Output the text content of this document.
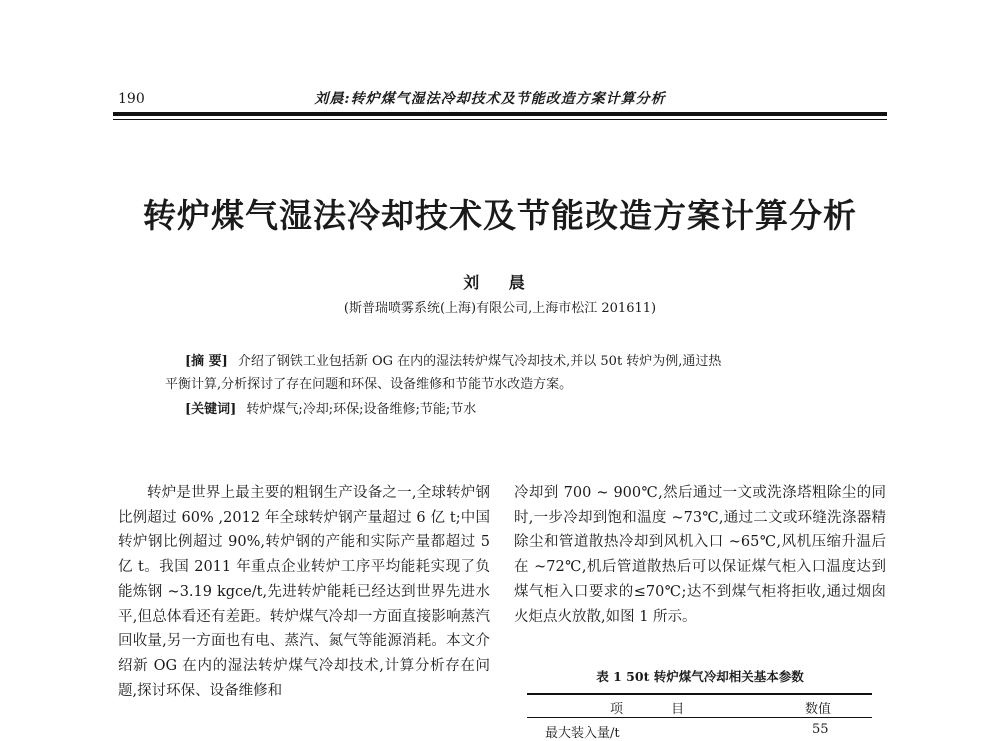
190	刘晨:转炉煤气湿法冷却技术及节能改造方案计算分析
转炉煤气湿法冷却技术及节能改造方案计算分析
刘 晨
(斯普瑞喷雾系统(上海)有限公司,上海市松江 201611)
[摘 要] 介绍了钢铁工业包括新 OG 在内的湿法转炉煤气冷却技术,并以 50t 转炉为例,通过热
平衡计算,分析探讨了存在问题和环保、设备维修和节能节水改造方案。
[关键词] 转炉煤气;冷却;环保;设备维修;节能;节水

转炉是世界上最主要的粗钢生产设备之一,全球转炉钢比例超过 60% ,2012 年全球转炉钢产量超过 6 亿 t;中国转炉钢比例超过 90%,转炉钢的产能和实际产量都超过 5 亿 t。我国 2011 年重点企业转炉工序平均能耗实现了负能炼钢 ~3.19 kgce/t,先进转炉能耗已经达到世界先进水平,但总体看还有差距。转炉煤气冷却一方面直接影响蒸汽回收量,另一方面也有电、蒸汽、氮气等能源消耗。本文介绍新 OG 在内的湿法转炉煤气冷却技术,计算分析存在问题,探讨环保、设备维修和

冷却到 700 ~ 900℃,然后通过一文或洗涤塔粗除尘的同时,一步冷却到饱和温度 ~73℃,通过二文或环缝洗涤器精除尘和管道散热冷却到风机入口 ~65℃,风机压缩升温后在 ~72℃,机后管道散热后可以保证煤气柜入口温度达到煤气柜入口要求的≤70℃;达不到煤气柜将拒收,通过烟囱火炬点火放散,如图 1 所示。

表 1 50t 转炉煤气冷却相关基本参数
项 目	数值
最大装入量/t	55
